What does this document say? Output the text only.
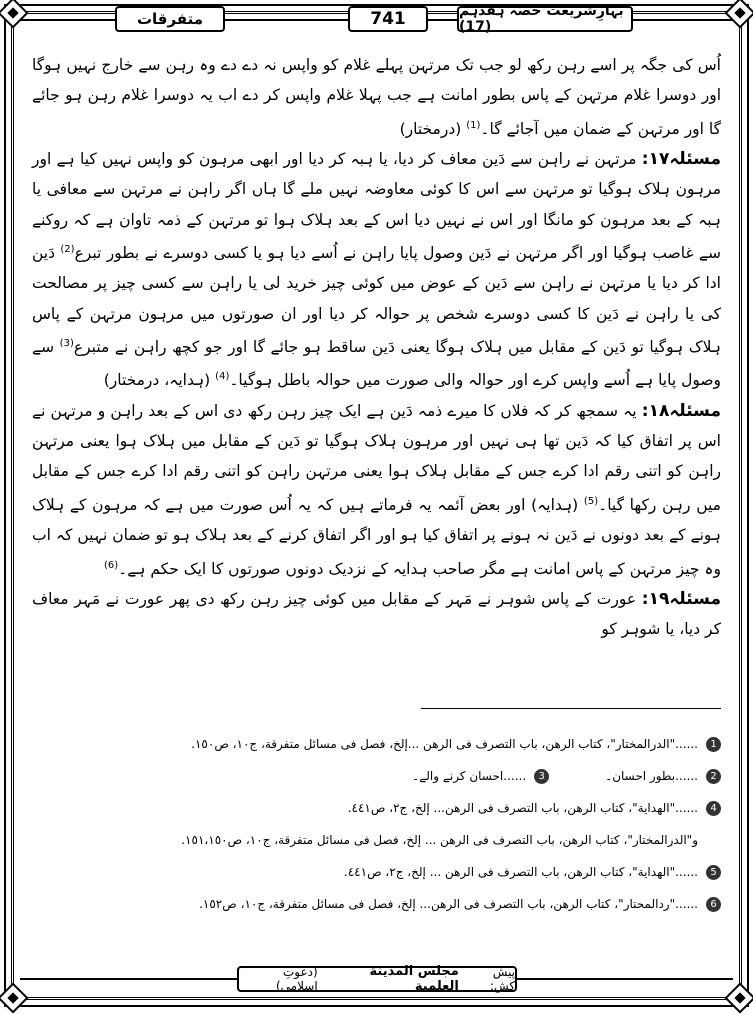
متفرقات	741	بہارِشریعت حصہ ہفدہم (17)

اُس کی جگہ پر اسے رہن رکھ لو جب تک مرتہن پہلے غلام کو واپس نہ دے دے وہ رہن سے خارج نہیں ہوگا اور دوسرا غلام مرتہن کے پاس بطور امانت ہے جب پہلا غلام واپس کر دے اب یہ دوسرا غلام رہن ہو جائے گا اور مرتہن کے ضمان میں آجائے گا۔$^{(1)}$ (درمختار)

مسئلہ۱۷: مرتہن نے راہن سے دَین معاف کر دیا، یا ہبہ کر دیا اور ابھی مرہون کو واپس نہیں کیا ہے اور مرہون ہلاک ہوگیا تو مرتہن سے اس کا کوئی معاوضہ نہیں ملے گا ہاں اگر راہن نے مرتہن سے معافی یا ہبہ کے بعد مرہون کو مانگا اور اس نے نہیں دیا اس کے بعد ہلاک ہوا تو مرتہن کے ذمہ تاوان ہے کہ روکنے سے غاصب ہوگیا اور اگر مرتہن نے دَین وصول پایا راہن نے اُسے دیا ہو یا کسی دوسرے نے بطور تبرع$^{(2)}$ دَین ادا کر دیا یا مرتہن نے راہن سے دَین کے عوض میں کوئی چیز خرید لی یا راہن سے کسی چیز پر مصالحت کی یا راہن نے دَین کا کسی دوسرے شخص پر حوالہ کر دیا اور ان صورتوں میں مرہون مرتہن کے پاس ہلاک ہوگیا تو دَین کے مقابل میں ہلاک ہوگا یعنی دَین ساقط ہو جائے گا اور جو کچھ راہن نے متبرع$^{(3)}$ سے وصول پایا ہے اُسے واپس کرے اور حوالہ والی صورت میں حوالہ باطل ہوگیا۔$^{(4)}$ (ہدایہ، درمختار)

مسئلہ۱۸: یہ سمجھ کر کہ فلاں کا میرے ذمہ دَین ہے ایک چیز رہن رکھ دی اس کے بعد راہن و مرتہن نے اس پر اتفاق کیا کہ دَین تھا ہی نہیں اور مرہون ہلاک ہوگیا تو دَین کے مقابل میں ہلاک ہوا یعنی مرتہن راہن کو اتنی رقم ادا کرے جس کے مقابل ہلاک ہوا یعنی مرتہن راہن کو اتنی رقم ادا کرے جس کے مقابل میں رہن رکھا گیا۔$^{(5)}$ (ہدایہ) اور بعض آئمہ یہ فرماتے ہیں کہ یہ اُس صورت میں ہے کہ مرہون کے ہلاک ہونے کے بعد دونوں نے دَین نہ ہونے پر اتفاق کیا ہو اور اگر اتفاق کرنے کے بعد ہلاک ہو تو ضمان نہیں کہ اب وہ چیز مرتہن کے پاس امانت ہے مگر صاحب ہدایہ کے نزدیک دونوں صورتوں کا ایک حکم ہے۔$^{(6)}$

مسئلہ۱۹: عورت کے پاس شوہر نے مَہر کے مقابل میں کوئی چیز رہن رکھ دی پھر عورت نے مَہر معاف کر دیا، یا شوہر کو

1
......"الدرالمختار"، کتاب الرھن، باب التصرف فی الرھن ...إلخ، فصل فی مسائل متفرقة، ج١٠، ص١٥٠.
2
......بطور احسان۔
3
......احسان کرنے والے۔
4
......"الھدایة"، کتاب الرھن، باب التصرف فی الرھن... إلخ، ج٢، ص٤٤١.
و"الدرالمختار"، کتاب الرھن، باب التصرف فی الرھن ... إلخ، فصل فی مسائل متفرقة، ج١٠، ص١٥١،١٥٠.
5
......"الھدایة"، کتاب الرھن، باب التصرف فی الرھن ... إلخ، ج٢، ص٤٤١.
6
......"ردالمحتار"، کتاب الرھن، باب التصرف فی الرھن... إلخ، فصل فی مسائل متفرقة، ج١٠، ص١٥٢.
پیش کش:
مجلس المدینة العلمیة
(دعوتِ اسلامی)
